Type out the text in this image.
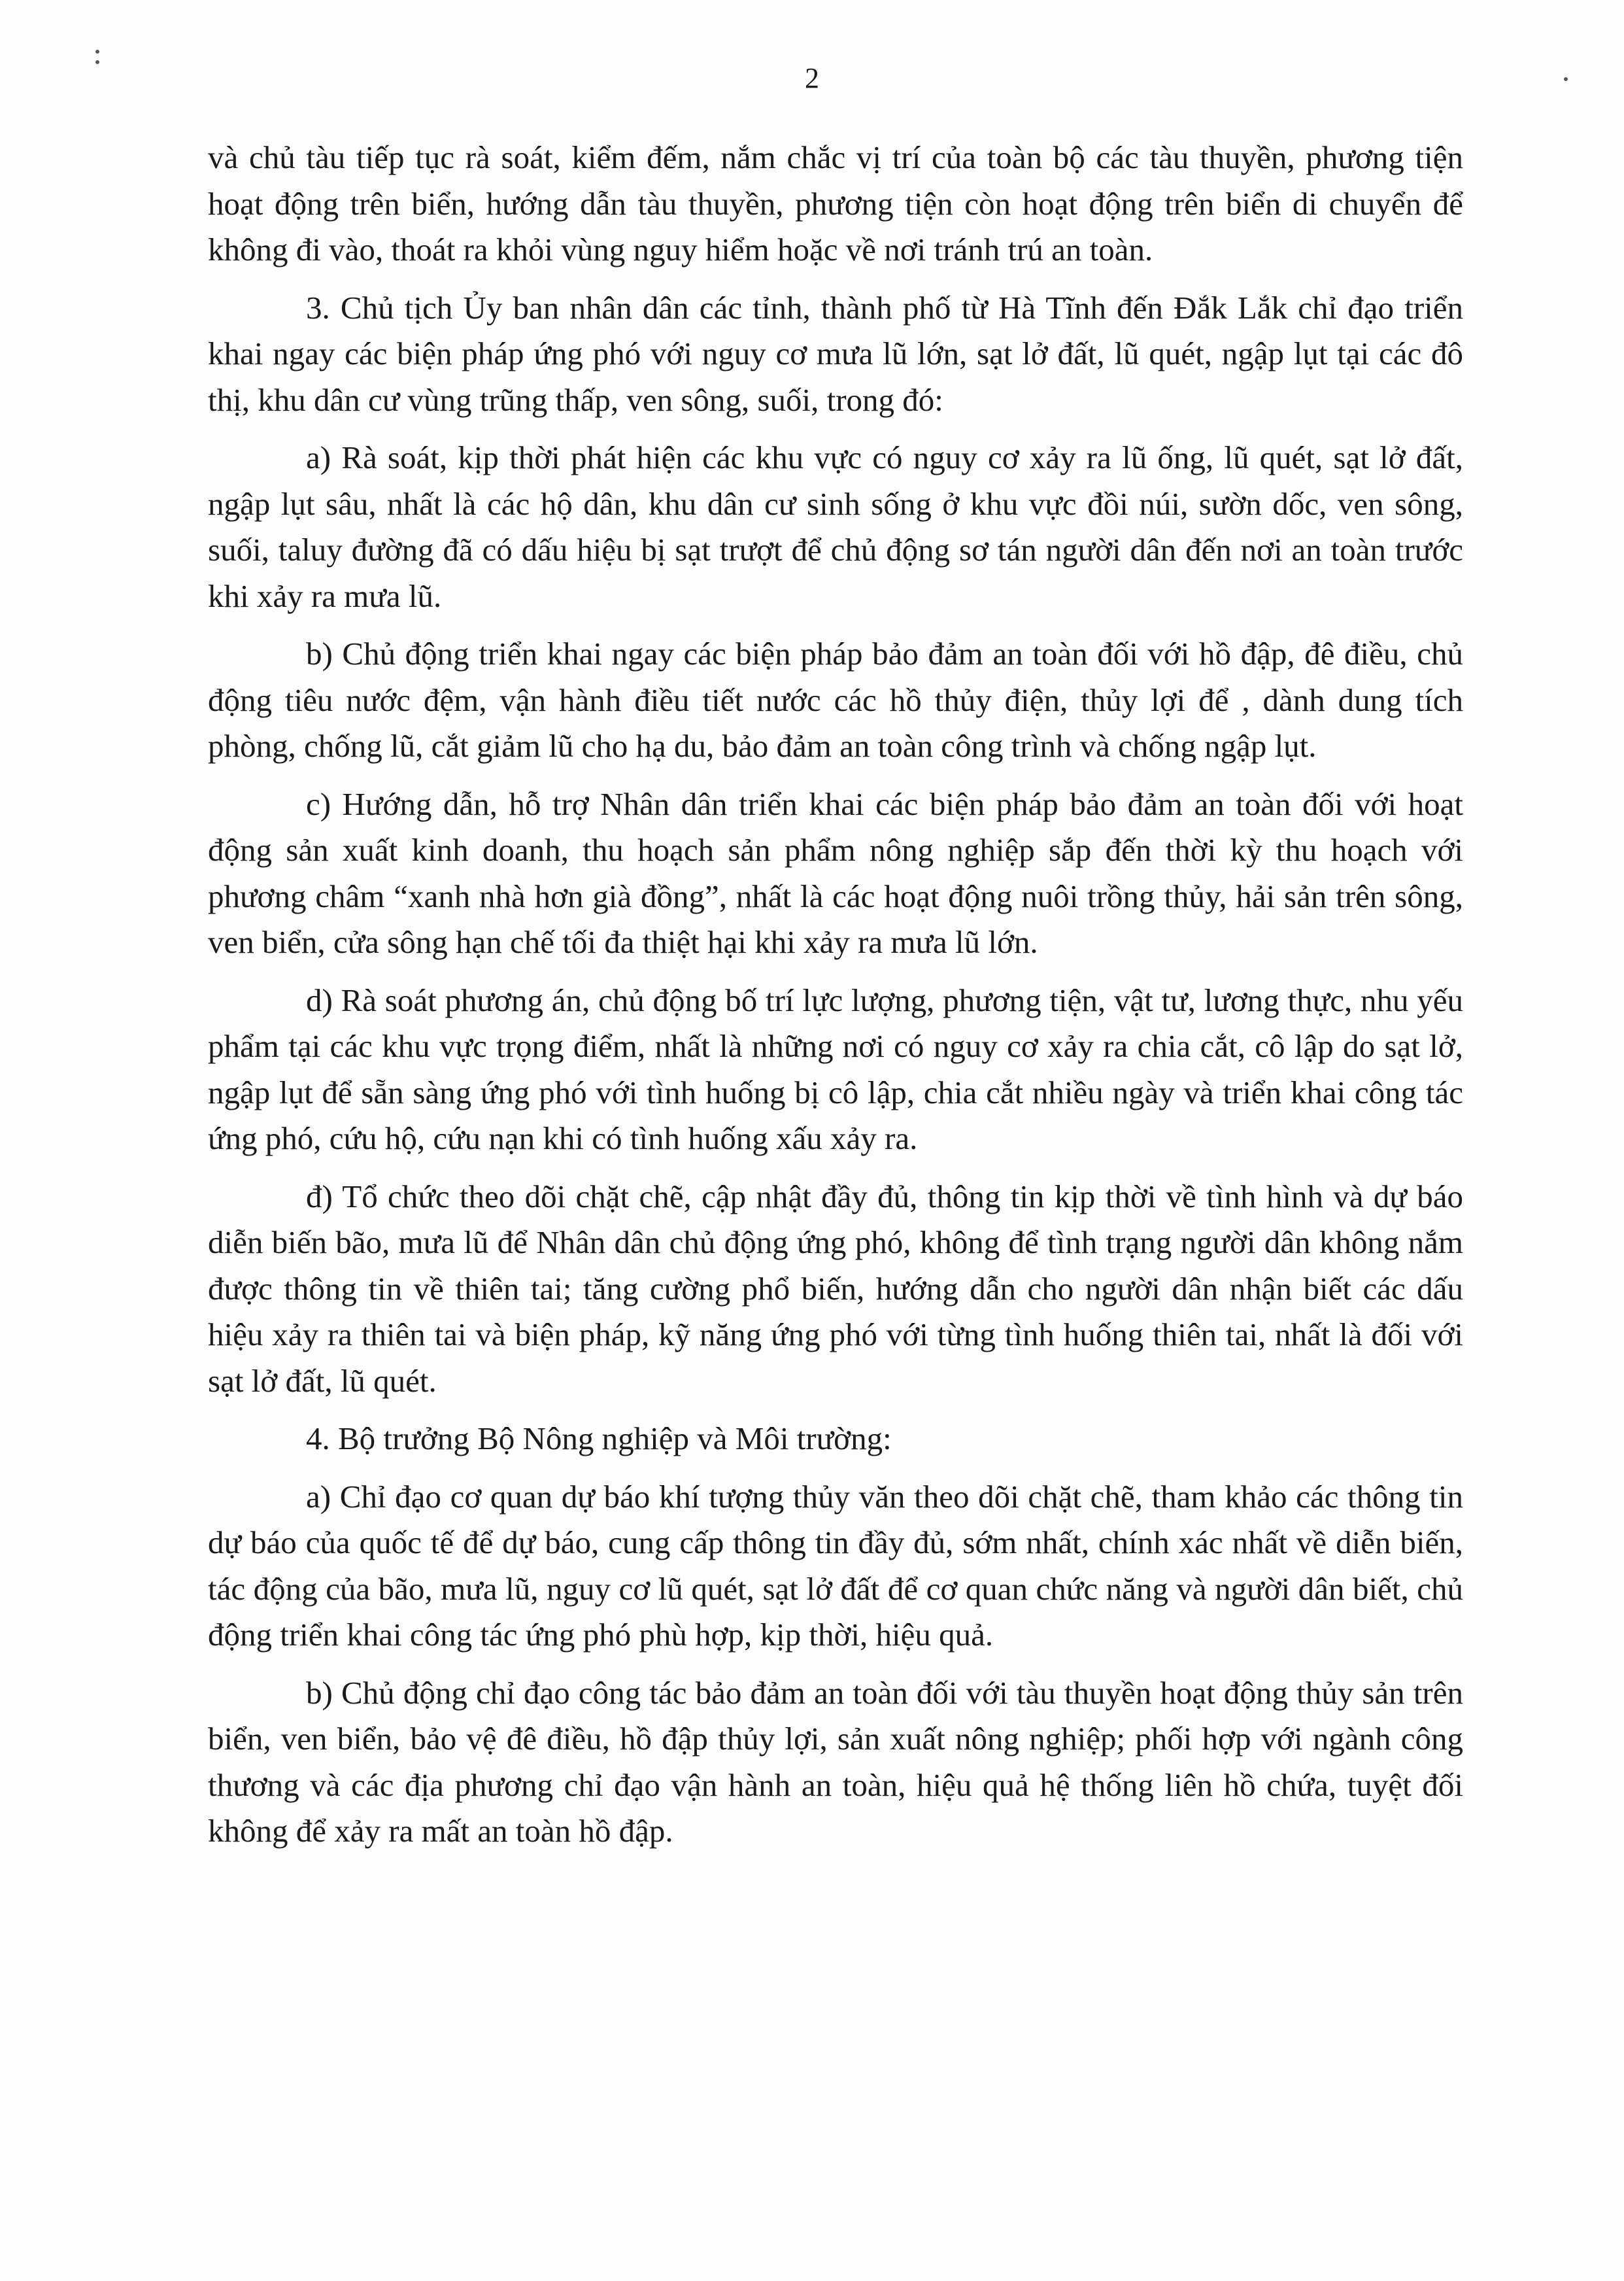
2

và chủ tàu tiếp tục rà soát, kiểm đếm, nắm chắc vị trí của toàn bộ các tàu thuyền, phương tiện hoạt động trên biển, hướng dẫn tàu thuyền, phương tiện còn hoạt động trên biển di chuyển để không đi vào, thoát ra khỏi vùng nguy hiểm hoặc về nơi tránh trú an toàn.

3. Chủ tịch Ủy ban nhân dân các tỉnh, thành phố từ Hà Tĩnh đến Đắk Lắk chỉ đạo triển khai ngay các biện pháp ứng phó với nguy cơ mưa lũ lớn, sạt lở đất, lũ quét, ngập lụt tại các đô thị, khu dân cư vùng trũng thấp, ven sông, suối, trong đó:

a) Rà soát, kịp thời phát hiện các khu vực có nguy cơ xảy ra lũ ống, lũ quét, sạt lở đất, ngập lụt sâu, nhất là các hộ dân, khu dân cư sinh sống ở khu vực đồi núi, sườn dốc, ven sông, suối, taluy đường đã có dấu hiệu bị sạt trượt để chủ động sơ tán người dân đến nơi an toàn trước khi xảy ra mưa lũ.

b) Chủ động triển khai ngay các biện pháp bảo đảm an toàn đối với hồ đập, đê điều, chủ động tiêu nước đệm, vận hành điều tiết nước các hồ thủy điện, thủy lợi để , dành dung tích phòng, chống lũ, cắt giảm lũ cho hạ du, bảo đảm an toàn công trình và chống ngập lụt.

c) Hướng dẫn, hỗ trợ Nhân dân triển khai các biện pháp bảo đảm an toàn đối với hoạt động sản xuất kinh doanh, thu hoạch sản phẩm nông nghiệp sắp đến thời kỳ thu hoạch với phương châm “xanh nhà hơn già đồng”, nhất là các hoạt động nuôi trồng thủy, hải sản trên sông, ven biển, cửa sông hạn chế tối đa thiệt hại khi xảy ra mưa lũ lớn.

d) Rà soát phương án, chủ động bố trí lực lượng, phương tiện, vật tư, lương thực, nhu yếu phẩm tại các khu vực trọng điểm, nhất là những nơi có nguy cơ xảy ra chia cắt, cô lập do sạt lở, ngập lụt để sẵn sàng ứng phó với tình huống bị cô lập, chia cắt nhiều ngày và triển khai công tác ứng phó, cứu hộ, cứu nạn khi có tình huống xấu xảy ra.

đ) Tổ chức theo dõi chặt chẽ, cập nhật đầy đủ, thông tin kịp thời về tình hình và dự báo diễn biến bão, mưa lũ để Nhân dân chủ động ứng phó, không để tình trạng người dân không nắm được thông tin về thiên tai; tăng cường phổ biến, hướng dẫn cho người dân nhận biết các dấu hiệu xảy ra thiên tai và biện pháp, kỹ năng ứng phó với từng tình huống thiên tai, nhất là đối với sạt lở đất, lũ quét.

4. Bộ trưởng Bộ Nông nghiệp và Môi trường:

a) Chỉ đạo cơ quan dự báo khí tượng thủy văn theo dõi chặt chẽ, tham khảo các thông tin dự báo của quốc tế để dự báo, cung cấp thông tin đầy đủ, sớm nhất, chính xác nhất về diễn biến, tác động của bão, mưa lũ, nguy cơ lũ quét, sạt lở đất để cơ quan chức năng và người dân biết, chủ động triển khai công tác ứng phó phù hợp, kịp thời, hiệu quả.

b) Chủ động chỉ đạo công tác bảo đảm an toàn đối với tàu thuyền hoạt động thủy sản trên biển, ven biển, bảo vệ đê điều, hồ đập thủy lợi, sản xuất nông nghiệp; phối hợp với ngành công thương và các địa phương chỉ đạo vận hành an toàn, hiệu quả hệ thống liên hồ chứa, tuyệt đối không để xảy ra mất an toàn hồ đập.
